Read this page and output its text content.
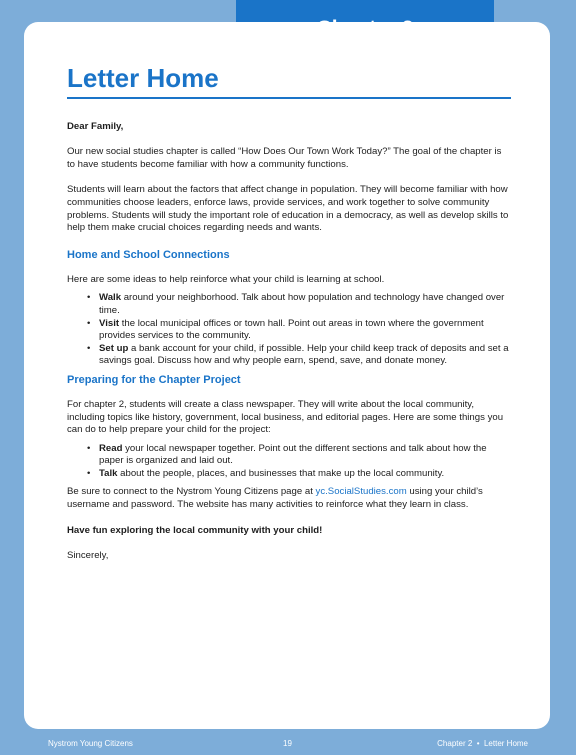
Letter Home

Dear Family,

Our new social studies chapter is called “How Does Our Town Work Today?” The goal of the chapter is to have students become familiar with how a community functions.

Students will learn about the factors that affect change in population. They will become familiar with how communities choose leaders, enforce laws, provide services, and work together to solve community problems. Students will study the important role of education in a democracy, as well as develop skills to help them make crucial choices regarding needs and wants.

Home and School Connections

Here are some ideas to help reinforce what your child is learning at school.

• Walk around your neighborhood. Talk about how population and technology have changed over time.
• Visit the local municipal offices or town hall. Point out areas in town where the government provides services to the community.
• Set up a bank account for your child, if possible. Help your child keep track of deposits and set a savings goal. Discuss how and why people earn, spend, save, and donate money.
Preparing for the Chapter Project

For chapter 2, students will create a class newspaper. They will write about the local community, including topics like history, government, local business, and editorial pages. Here are some things you can do to help prepare your child for the project:

• Read your local newspaper together. Point out the different sections and talk about how the paper is organized and laid out.
• Talk about the people, places, and businesses that make up the local community.

Be sure to connect to the Nystrom Young Citizens page at yc.SocialStudies.com using your child’s username and password. The website has many activities to reinforce what they learn in class.

Have fun exploring the local community with your child!

Sincerely,

Nystrom Young Citizens	19	Chapter 2  •  Letter Home
